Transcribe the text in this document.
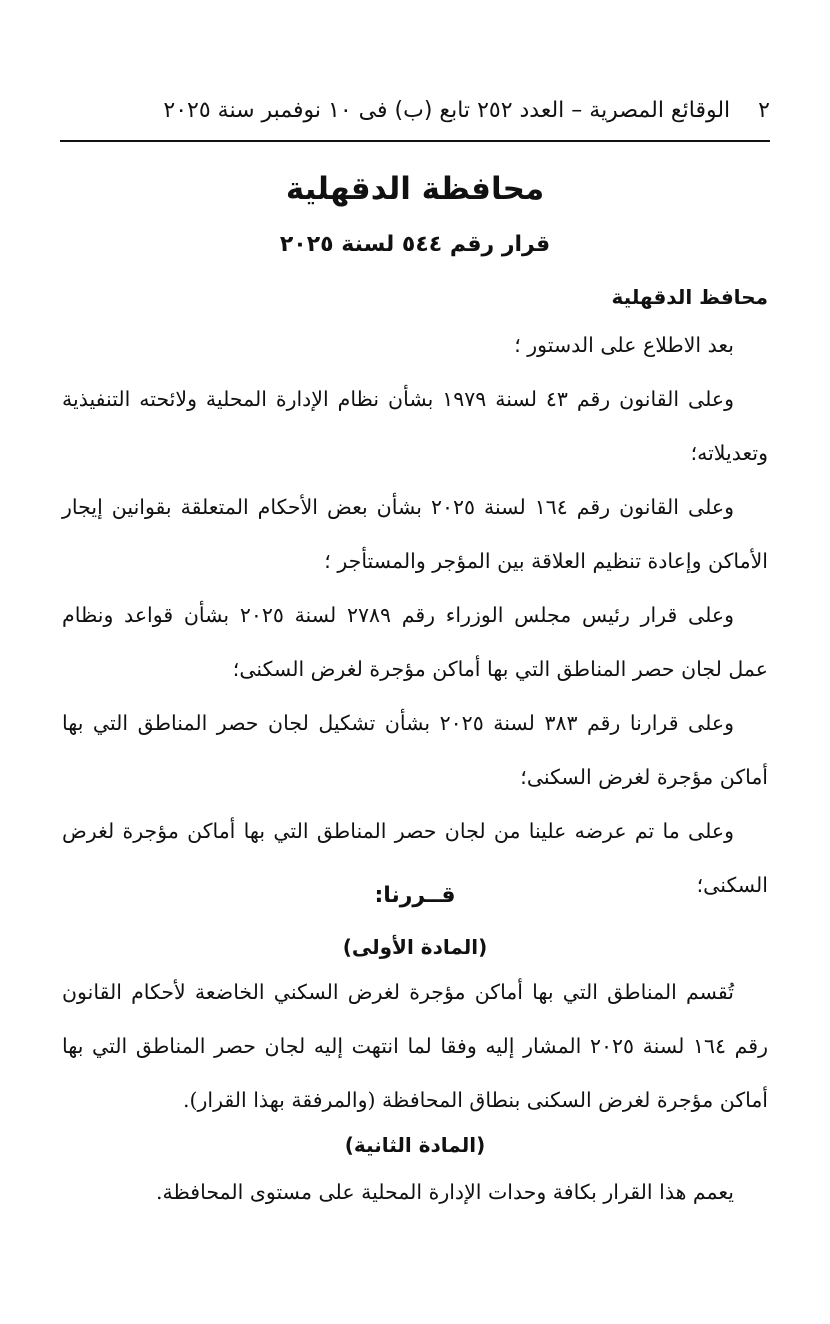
٢
الوقائع المصرية – العدد ٢٥٢ تابع (ب) فى ١٠ نوفمبر سنة ٢٠٢٥
محافظة الدقهلية
قرار رقم ٥٤٤ لسنة ٢٠٢٥
محافظ الدقهلية

بعد الاطلاع على الدستور ؛

وعلى القانون رقم ٤٣ لسنة ١٩٧٩ بشأن نظام الإدارة المحلية ولائحته التنفيذية وتعديلاته؛

وعلى القانون رقم ١٦٤ لسنة ٢٠٢٥ بشأن بعض الأحكام المتعلقة بقوانين إيجار الأماكن وإعادة تنظيم العلاقة بين المؤجر والمستأجر ؛

وعلى قرار رئيس مجلس الوزراء رقم ٢٧٨٩ لسنة ٢٠٢٥ بشأن قواعد ونظام عمل لجان حصر المناطق التي بها أماكن مؤجرة لغرض السكنى؛

وعلى قرارنا رقم ٣٨٣ لسنة ٢٠٢٥ بشأن تشكيل لجان حصر المناطق التي بها أماكن مؤجرة لغرض السكنى؛

وعلى ما تم عرضه علينا من لجان حصر المناطق التي بها أماكن مؤجرة لغرض السكنى؛

قــررنا:
(المادة الأولى)

تُقسم المناطق التي بها أماكن مؤجرة لغرض السكني الخاضعة لأحكام القانون رقم ١٦٤ لسنة ٢٠٢٥ المشار إليه وفقا لما انتهت إليه لجان حصر المناطق التي بها أماكن مؤجرة لغرض السكنى بنطاق المحافظة (والمرفقة بهذا القرار).

(المادة الثانية)

يعمم هذا القرار بكافة وحدات الإدارة المحلية على مستوى المحافظة.
